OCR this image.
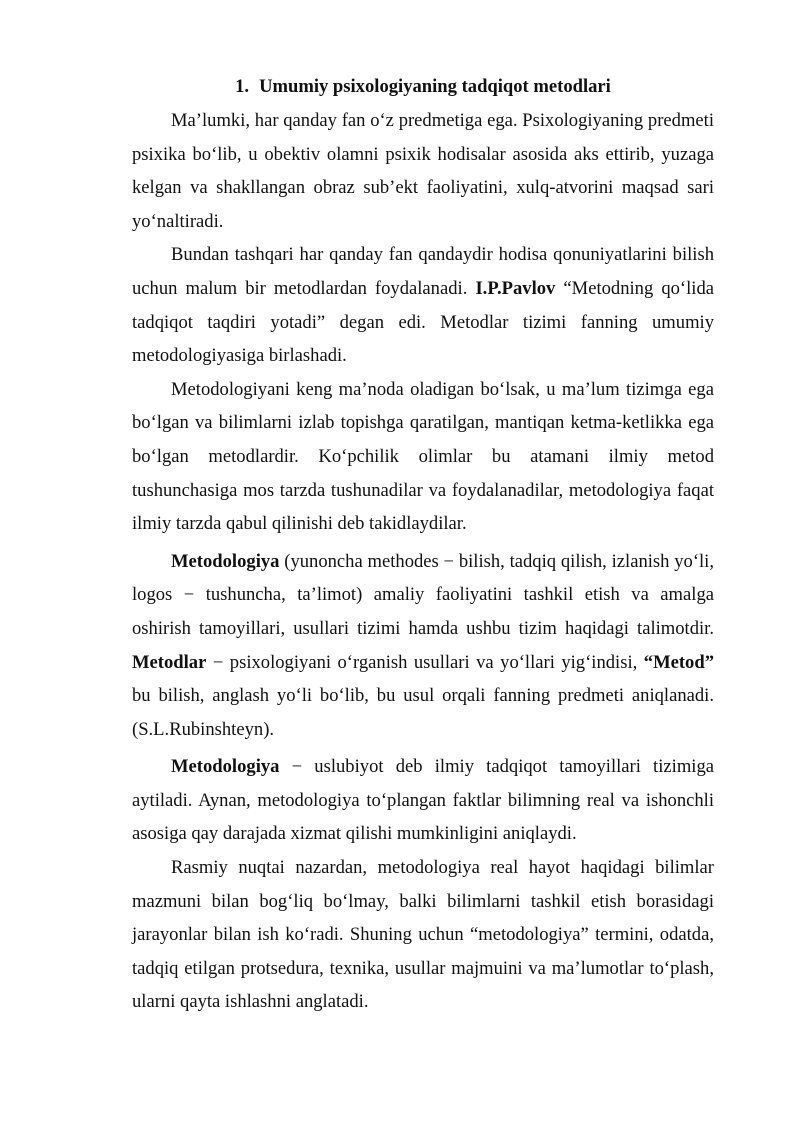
1. Umumiy psixologiyaning tadqiqot metodlari

Ma’lumki, har qanday fan o‘z predmetiga ega. Psixologiyaning predmeti psixika bo‘lib, u obektiv olamni psixik hodisalar asosida aks ettirib, yuzaga kelgan va shakllangan obraz sub’ekt faoliyatini, xulq-atvorini maqsad sari yo‘naltiradi.

Bundan tashqari har qanday fan qandaydir hodisa qonuniyatlarini bilish uchun malum bir metodlardan foydalanadi. I.P.Pavlov “Metodning qo‘lida tadqiqot taqdiri yotadi” degan edi. Metodlar tizimi fanning umumiy metodologiyasiga birlashadi.

Metodologiyani keng ma’noda oladigan bo‘lsak, u ma’lum tizimga ega bo‘lgan va bilimlarni izlab topishga qaratilgan, mantiqan ketma-ketlikka ega bo‘lgan metodlardir. Ko‘pchilik olimlar bu atamani ilmiy metod tushunchasiga mos tarzda tushunadilar va foydalanadilar, metodologiya faqat ilmiy tarzda qabul qilinishi deb takidlaydilar.

Metodologiya (yunoncha methodes − bilish, tadqiq qilish, izlanish yo‘li, logos − tushuncha, ta’limot) amaliy faoliyatini tashkil etish va amalga oshirish tamoyillari, usullari tizimi hamda ushbu tizim haqidagi talimotdir. Metodlar − psixologiyani o‘rganish usullari va yo‘llari yig‘indisi, “Metod” bu bilish, anglash yo‘li bo‘lib, bu usul orqali fanning predmeti aniqlanadi. (S.L.Rubinshteyn).

Metodologiya − uslubiyot deb ilmiy tadqiqot tamoyillari tizimiga aytiladi. Aynan, metodologiya to‘plangan faktlar bilimning real va ishonchli asosiga qay darajada xizmat qilishi mumkinligini aniqlaydi.

Rasmiy nuqtai nazardan, metodologiya real hayot haqidagi bilimlar mazmuni bilan bog‘liq bo‘lmay, balki bilimlarni tashkil etish borasidagi jarayonlar bilan ish ko‘radi. Shuning uchun “metodologiya” termini, odatda, tadqiq etilgan protsedura, texnika, usullar majmuini va ma’lumotlar to‘plash, ularni qayta ishlashni anglatadi.
